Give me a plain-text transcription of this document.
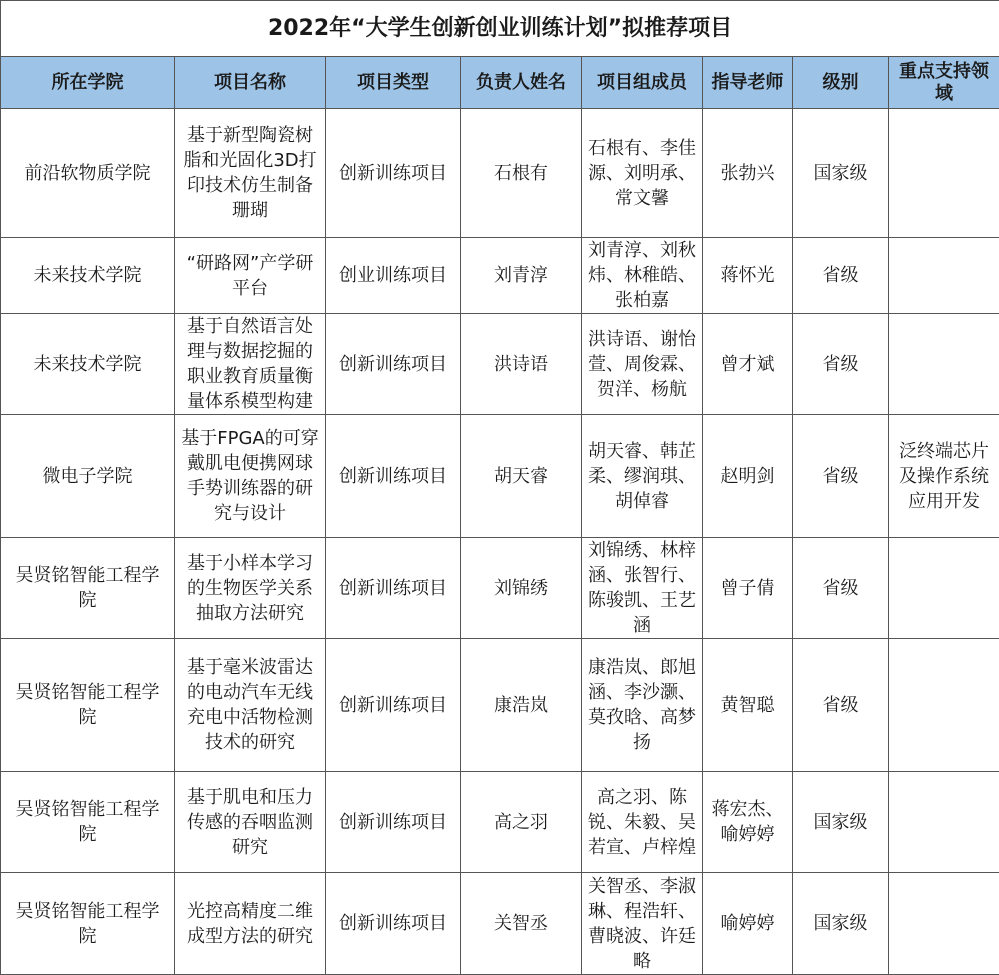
2022年“大学生创新创业训练计划”拟推荐项目							
所在学院	项目名称	项目类型	负责人姓名	项目组成员	指导老师	级别	重点支持领域
前沿软物质学院	基于新型陶瓷树脂和光固化3D打印技术仿生制备珊瑚	创新训练项目	石根有	石根有、李佳源、刘明承、常文馨	张勃兴	国家级	
未来技术学院	“研路网”产学研平台	创业训练项目	刘青淳	刘青淳、刘秋炜、林稚皓、张柏嘉	蒋怀光	省级	
未来技术学院	基于自然语言处理与数据挖掘的职业教育质量衡量体系模型构建	创新训练项目	洪诗语	洪诗语、谢怡萱、周俊霖、贺洋、杨航	曾才斌	省级	
微电子学院	基于FPGA的可穿戴肌电便携网球手势训练器的研究与设计	创新训练项目	胡天睿	胡天睿、韩芷柔、缪润琪、胡倬睿	赵明剑	省级	泛终端芯片及操作系统应用开发
吴贤铭智能工程学院	基于小样本学习的生物医学关系抽取方法研究	创新训练项目	刘锦绣	刘锦绣、林梓涵、张智行、陈骏凯、王艺涵	曾子倩	省级	
吴贤铭智能工程学院	基于毫米波雷达的电动汽车无线充电中活物检测技术的研究	创新训练项目	康浩岚	康浩岚、郎旭涵、李沙灏、莫孜晗、高梦扬	黄智聪	省级	
吴贤铭智能工程学院	基于肌电和压力传感的吞咽监测研究	创新训练项目	高之羽	高之羽、陈锐、朱毅、吴若宣、卢梓煌	蒋宏杰、喻婷婷	国家级	
吴贤铭智能工程学院	光控高精度二维成型方法的研究	创新训练项目	关智丞	关智丞、李淑琳、程浩轩、曹晓波、许廷略	喻婷婷	国家级	
